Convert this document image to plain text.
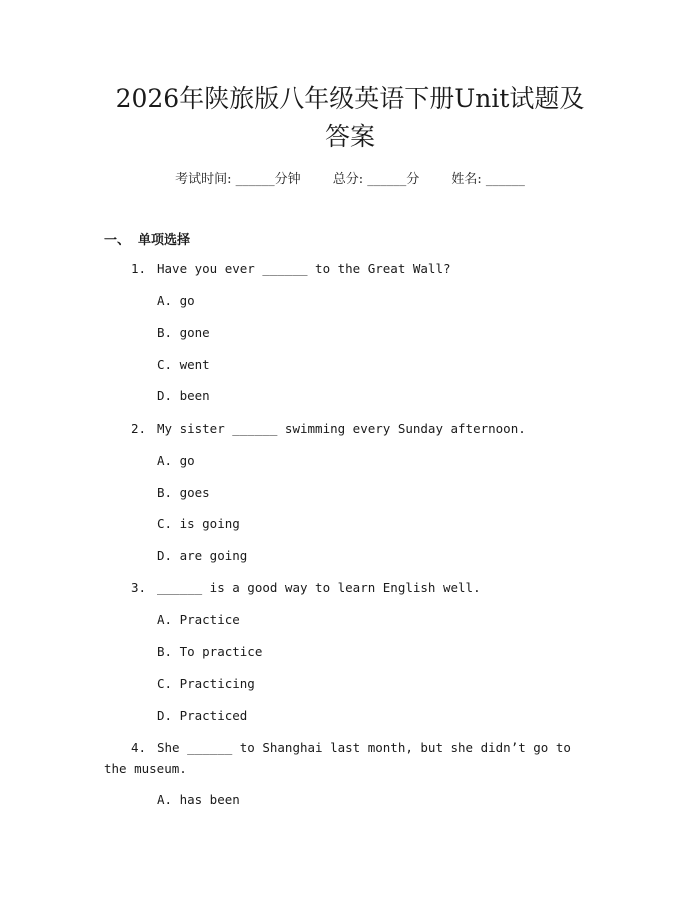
2026年陕旅版八年级英语下册Unit试题及
答案
考试时间: ______分钟 总分: ______分 姓名: ______
一、 单项选择
1. Have you ever ______ to the Great Wall?
A. go
B. gone
C. went
D. been
2. My sister ______ swimming every Sunday afternoon.
A. go
B. goes
C. is going
D. are going
3. ______ is a good way to learn English well.
A. Practice
B. To practice
C. Practicing
D. Practiced
4. She ______ to Shanghai last month, but she didn’t go to the museum.
A. has been
